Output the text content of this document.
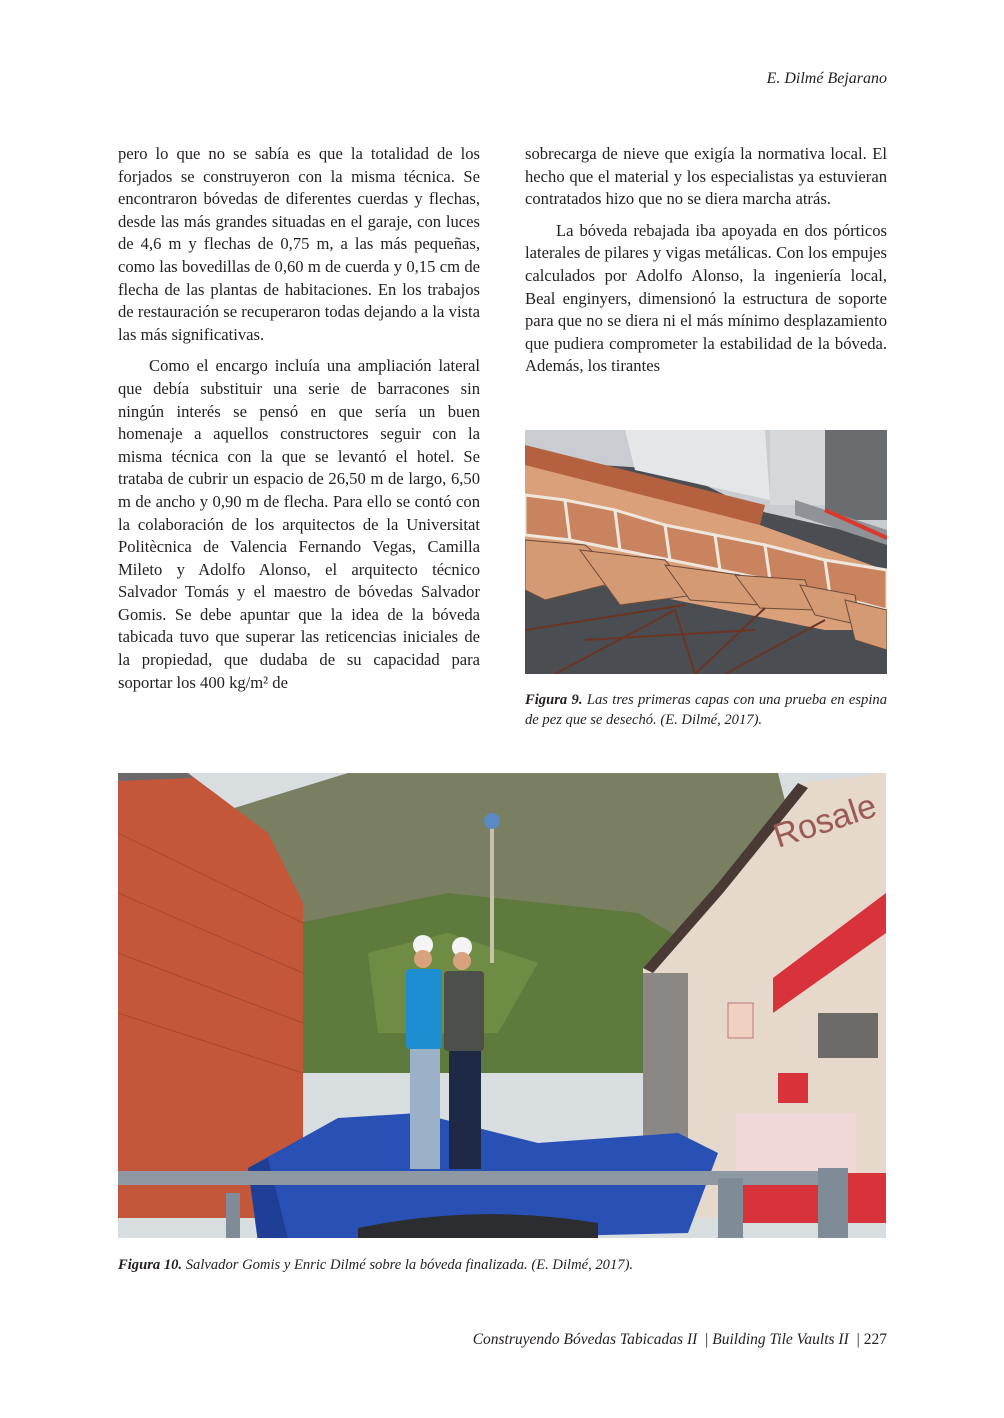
E. Dilmé Bejarano

pero lo que no se sabía es que la totalidad de los forjados se construyeron con la misma técnica. Se encontraron bóvedas de diferentes cuerdas y flechas, desde las más grandes situadas en el garaje, con luces de 4,6 m y flechas de 0,75 m, a las más pequeñas, como las bovedillas de 0,60 m de cuerda y 0,15 cm de flecha de las plantas de habitaciones. En los trabajos de restauración se recuperaron todas dejando a la vista las más significativas.

Como el encargo incluía una ampliación lateral que debía substituir una serie de barracones sin ningún interés se pensó en que sería un buen homenaje a aquellos constructores seguir con la misma técnica con la que se levantó el hotel. Se trataba de cubrir un espacio de 26,50 m de largo, 6,50 m de ancho y 0,90 m de flecha. Para ello se contó con la colaboración de los arquitectos de la Universitat Politècnica de Valencia Fernando Vegas, Camilla Mileto y Adolfo Alonso, el arquitecto técnico Salvador Tomás y el maestro de bóvedas Salvador Gomis. Se debe apuntar que la idea de la bóveda tabicada tuvo que superar las reticencias iniciales de la propiedad, que dudaba de su capacidad para soportar los 400 kg/m² de

sobrecarga de nieve que exigía la normativa local. El hecho que el material y los especialistas ya estuvieran contratados hizo que no se diera marcha atrás.

La bóveda rebajada iba apoyada en dos pórticos laterales de pilares y vigas metálicas. Con los empujes calculados por Adolfo Alonso, la ingeniería local, Beal enginyers, dimensionó la estructura de soporte para que no se diera ni el más mínimo desplazamiento que pudiera comprometer la estabilidad de la bóveda. Además, los tirantes

Figura 9. Las tres primeras capas con una prueba en espina de pez que se desechó. (E. Dilmé, 2017).
Rosale
Figura 10. Salvador Gomis y Enric Dilmé sobre la bóveda finalizada. (E. Dilmé, 2017).
Construyendo Bóvedas Tabicadas II | Building Tile Vaults II | 227
